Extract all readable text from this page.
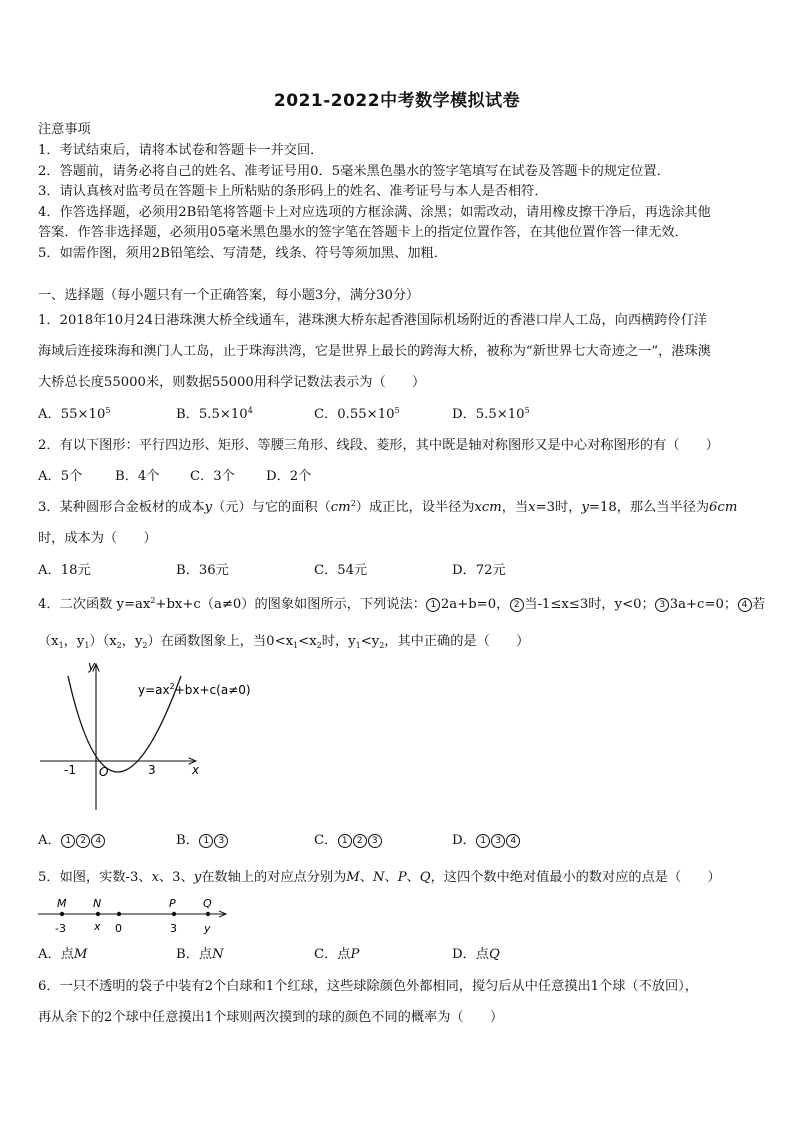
2021-2022中考数学模拟试卷
注意事项
1．考试结束后，请将本试卷和答题卡一并交回．
2．答题前，请务必将自己的姓名、准考证号用0．5毫米黑色墨水的签字笔填写在试卷及答题卡的规定位置．
3．请认真核对监考员在答题卡上所粘贴的条形码上的姓名、准考证号与本人是否相符．
4．作答选择题，必须用2B铅笔将答题卡上对应选项的方框涂满、涂黑；如需改动，请用橡皮擦干净后，再选涂其他
答案．作答非选择题，必须用05毫米黑色墨水的签字笔在答题卡上的指定位置作答，在其他位置作答一律无效．
5．如需作图，须用2B铅笔绘、写清楚，线条、符号等须加黑、加粗．
一、选择题（每小题只有一个正确答案，每小题3分，满分30分）
1．2018年10月24日港珠澳大桥全线通车，港珠澳大桥东起香港国际机场附近的香港口岸人工岛，向西横跨伶仃洋
海域后连接珠海和澳门人工岛，止于珠海洪湾，它是世界上最长的跨海大桥，被称为“新世界七大奇迹之一”，港珠澳
大桥总长度55000米，则数据55000用科学记数法表示为（　　）
A．$55\times 10^5$	B．$5.5\times 10^4$	C．$0.55\times 10^5$	D．$5.5\times 10^5$
2．有以下图形：平行四边形、矩形、等腰三角形、线段、菱形，其中既是轴对称图形又是中心对称图形的有（　　）
A．5个 B．4个 C．3个 D．2个
3．某种圆形合金板材的成本y（元）与它的面积$(cm^2)$成正比，设半径为xcm，当x=3时，y=18，那么当半径为6cm
时，成本为（　　）
A．18元	B．36元	C．54元	D．72元
4．二次函数 $y=ax^2+bx+c(a\ne 0)$的图象如图所示，下列说法： 1 2a+b=0， 2 当-1≤x≤3时，y<0； 3 3a+c=0； 4 若
（$x_1$，$y_1)(x_2$，$y_2$）在函数图象上，当$0<x_1<x_2$时，$y_1<y_2$，其中正确的是（　　）
y
x
O
-1	3
$y=ax^2+bx+c(a\ne 0)$
A． 1 2 4	B． 1 3	C． 1 2 3	D． 1 3 4
5．如图，实数-3、x、3、y在数轴上的对应点分别为M、N、P、Q，这四个数中绝对值最小的数对应的点是（　　）
M N	P Q
-3	x 0	3 y
A．点M	B．点N	C．点P	D．点Q
6．一只不透明的袋子中装有2个白球和1个红球，这些球除颜色外都相同，搅匀后从中任意摸出1个球（不放回），
再从余下的2个球中任意摸出1个球则两次摸到的球的颜色不同的概率为（　　）
